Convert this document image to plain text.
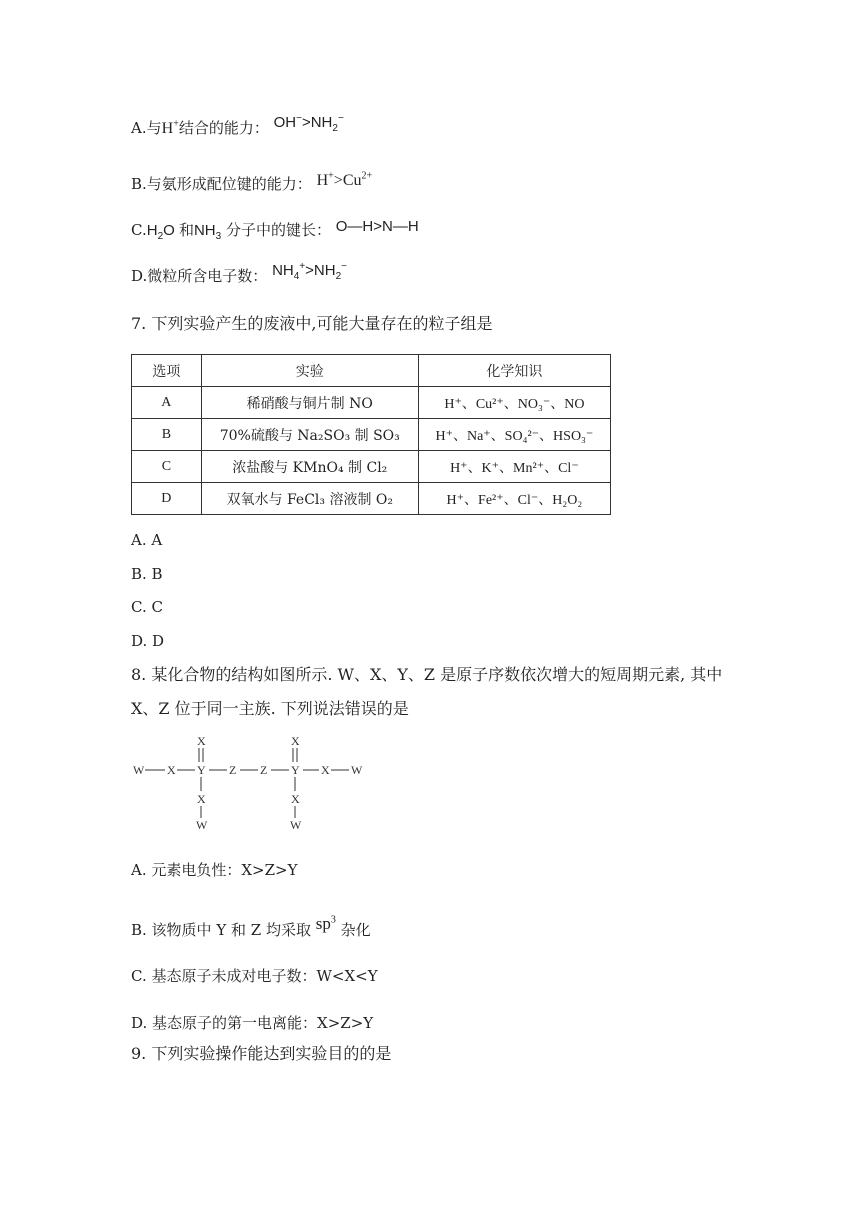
A.与H+结合的能力： $OH^->NH_2^-$
B.与氨形成配位键的能力： $H^+>Cu^{2+}$
$C.H_2O$ 和$NH_3$ 分子中的键长： O—H>N—H
D.微粒所含电子数： $NH_4^+>NH_2^-$
7. 下列实验产生的废液中,可能大量存在的粒子组是
选项	实验	化学知识
A	稀硝酸与铜片制 NO	H⁺、Cu²⁺、NO₃⁻、NO
B	70%硫酸与 Na₂SO₃ 制 SO₃	H⁺、Na⁺、SO₄²⁻、HSO₃⁻
C	浓盐酸与 KMnO₄ 制 Cl₂	H⁺、K⁺、Mn²⁺、Cl⁻
D	双氧水与 FeCl₃ 溶液制 O₂	H⁺、Fe²⁺、Cl⁻、H₂O₂
A. A
B. B
C. C
D. D
8. 某化合物的结构如图所示. W、X、Y、Z 是原子序数依次增大的短周期元素, 其中
X、Z 位于同一主族. 下列说法错误的是
W X Y
X
X
W
Z Z Y
X
X
W
X W
A. 元素电负性：X>Z>Y
B. 该物质中 Y 和 Z 均采取 $sp^3$ 杂化
C. 基态原子未成对电子数：W<X<Y
D. 基态原子的第一电离能：X>Z>Y
9. 下列实验操作能达到实验目的的是
